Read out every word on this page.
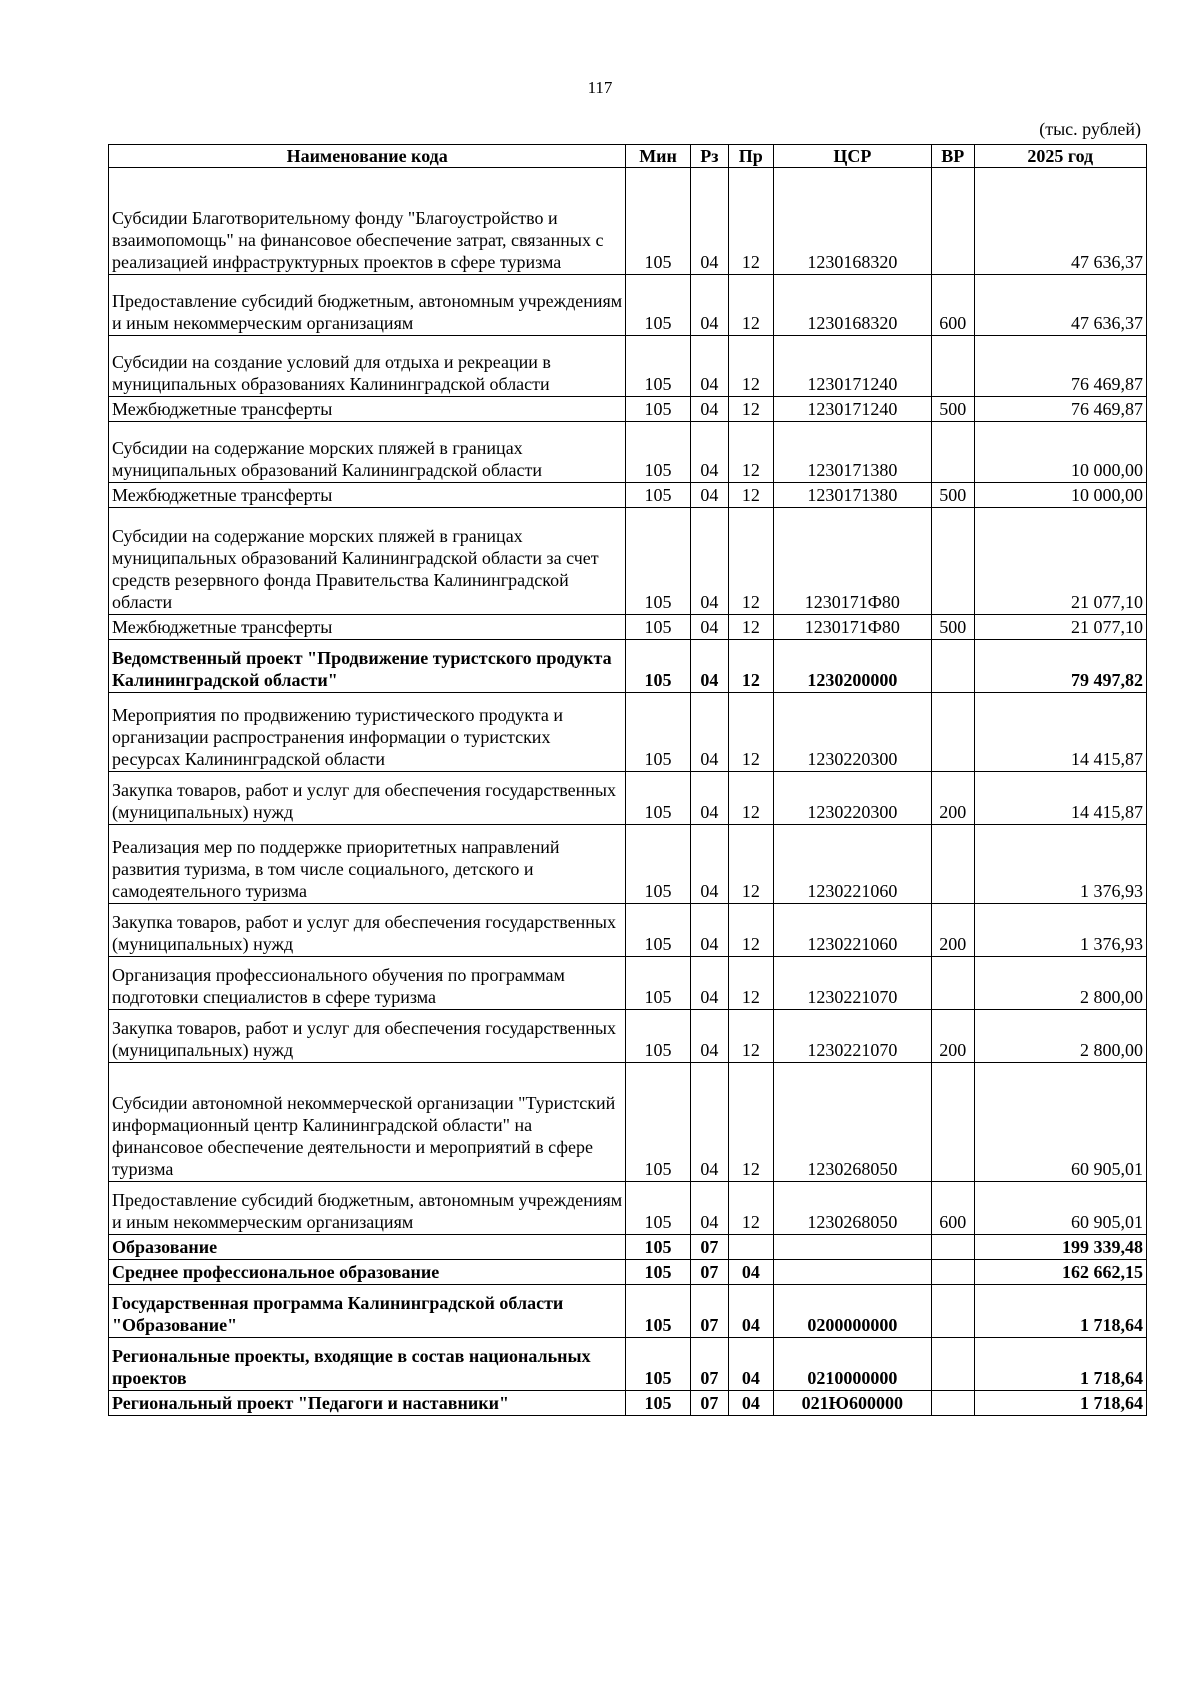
117
(тыс. рублей)
Наименование кода	Мин	Рз	Пр	ЦСР	ВР	2025 год
Субсидии Благотворительному фонду "Благоустройство и взаимопомощь" на финансовое обеспечение затрат, связанных с реализацией инфраструктурных проектов в сфере туризма	105	04	12	1230168320		47 636,37
Предоставление субсидий бюджетным, автономным учреждениям и иным некоммерческим организациям	105	04	12	1230168320	600	47 636,37
Субсидии на создание условий для отдыха и рекреации в муниципальных образованиях Калининградской области	105	04	12	1230171240		76 469,87
Межбюджетные трансферты	105	04	12	1230171240	500	76 469,87
Субсидии на содержание морских пляжей в границах муниципальных образований Калининградской области	105	04	12	1230171380		10 000,00
Межбюджетные трансферты	105	04	12	1230171380	500	10 000,00
Субсидии на содержание морских пляжей в границах муниципальных образований Калининградской области за счет средств резервного фонда Правительства Калининградской области	105	04	12	1230171Ф80		21 077,10
Межбюджетные трансферты	105	04	12	1230171Ф80	500	21 077,10
Ведомственный проект "Продвижение туристского продукта Калининградской области"	105	04	12	1230200000		79 497,82
Мероприятия по продвижению туристического продукта и организации распространения информации о туристских ресурсах Калининградской области	105	04	12	1230220300		14 415,87
Закупка товаров, работ и услуг для обеспечения государственных (муниципальных) нужд	105	04	12	1230220300	200	14 415,87
Реализация мер по поддержке приоритетных направлений развития туризма, в том числе социального, детского и самодеятельного туризма	105	04	12	1230221060		1 376,93
Закупка товаров, работ и услуг для обеспечения государственных (муниципальных) нужд	105	04	12	1230221060	200	1 376,93
Организация профессионального обучения по программам подготовки специалистов в сфере туризма	105	04	12	1230221070		2 800,00
Закупка товаров, работ и услуг для обеспечения государственных (муниципальных) нужд	105	04	12	1230221070	200	2 800,00
Субсидии автономной некоммерческой организации "Туристский информационный центр Калининградской области" на финансовое обеспечение деятельности и мероприятий в сфере туризма	105	04	12	1230268050		60 905,01
Предоставление субсидий бюджетным, автономным учреждениям и иным некоммерческим организациям	105	04	12	1230268050	600	60 905,01
Образование	105	07				199 339,48
Среднее профессиональное образование	105	07	04			162 662,15
Государственная программа Калининградской области "Образование"	105	07	04	0200000000		1 718,64
Региональные проекты, входящие в состав национальных проектов	105	07	04	0210000000		1 718,64
Региональный проект "Педагоги и наставники"	105	07	04	021Ю600000		1 718,64
